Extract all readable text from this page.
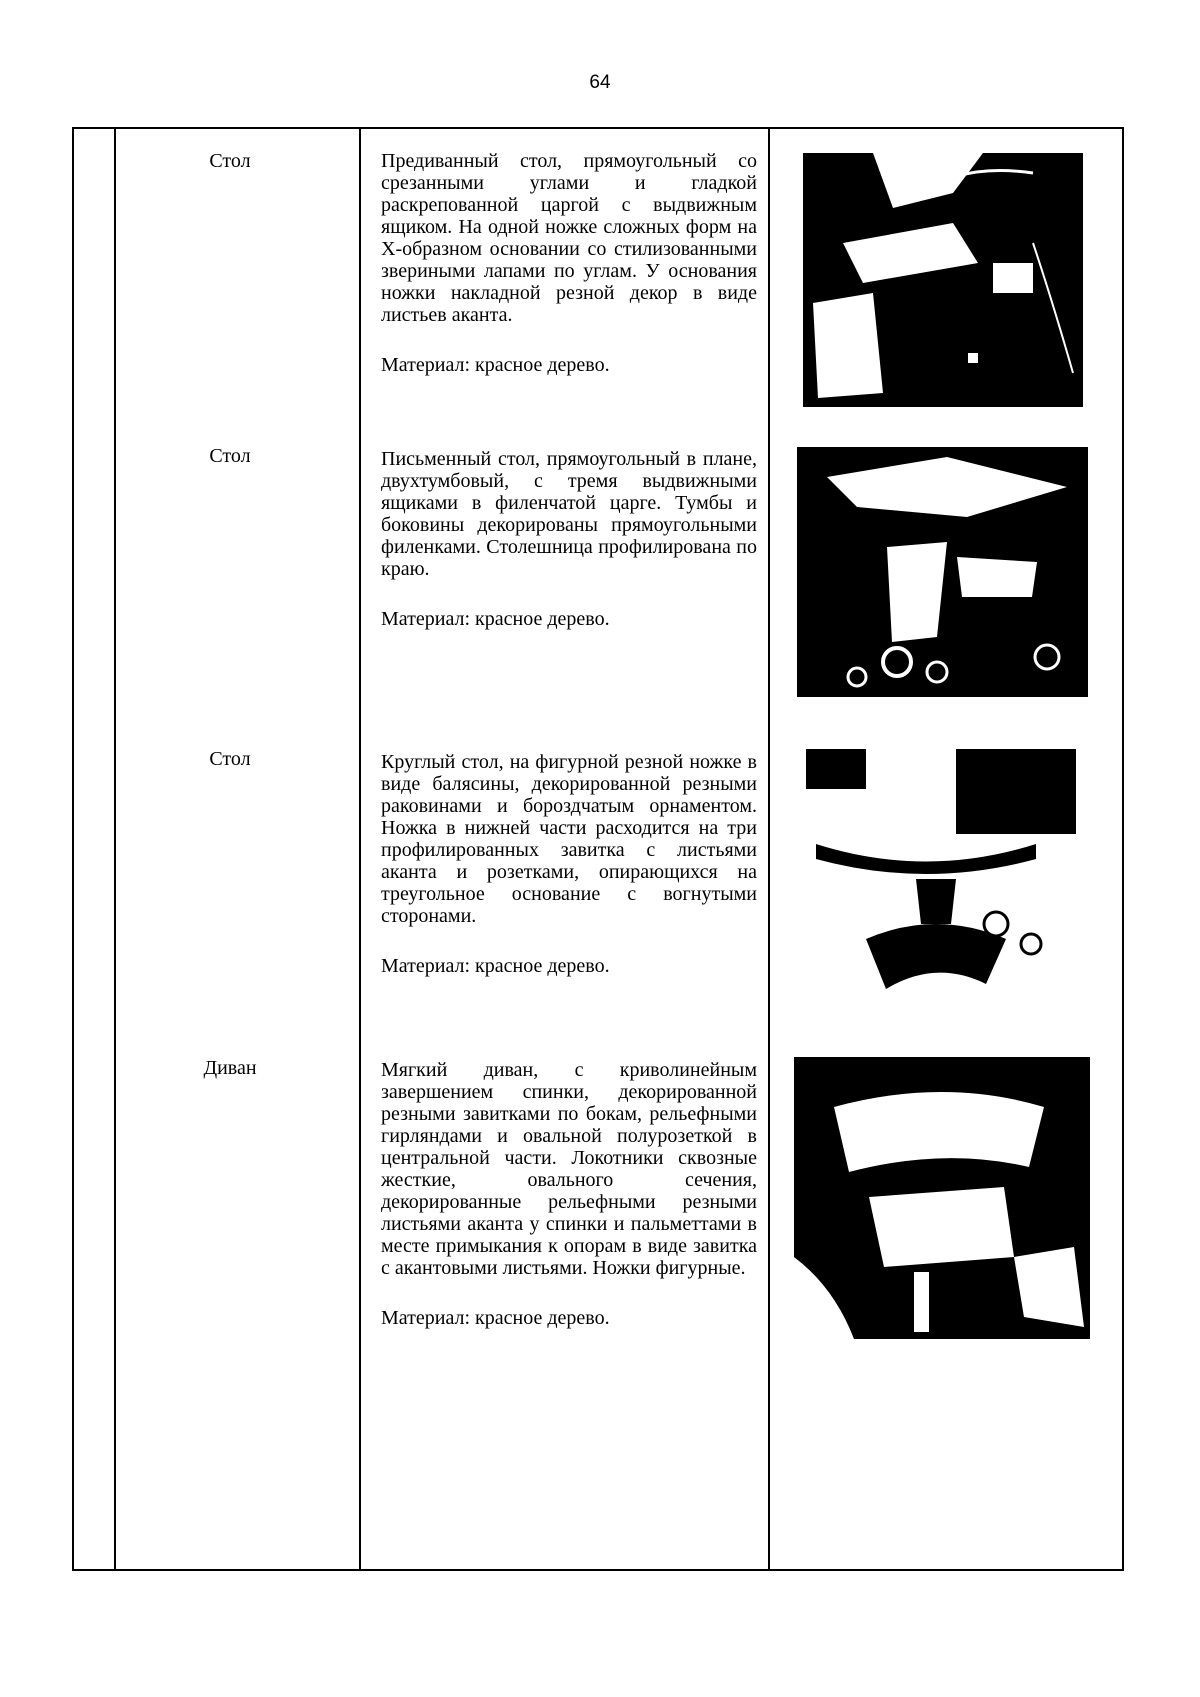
64
Стол	Предиванный стол, прямоугольный со срезанными углами и гладкой раскрепованной царгой с выдвижным ящиком. На одной ножке сложных форм на Х-образном основании со стилизованными звериными лапами по углам. У основания ножки накладной резной декор в виде листьев аканта.
Материал: красное дерево.
Стол	Письменный стол, прямоугольный в плане, двухтумбовый, с тремя выдвижными ящиками в филенчатой царге. Тумбы и боковины декорированы прямоугольными филенками. Столешница профилирована по краю.
Материал: красное дерево.
Стол	Круглый стол, на фигурной резной ножке в виде балясины, декорированной резными раковинами и бороздчатым орнаментом. Ножка в нижней части расходится на три профилированных завитка с листьями аканта и розетками, опирающихся на треугольное основание с вогнутыми сторонами.
Материал: красное дерево.
Диван	Мягкий диван, с криволинейным завершением спинки, декорированной резными завитками по бокам, рельефными гирляндами и овальной полурозеткой в центральной части. Локотники сквозные жесткие, овального сечения, декорированные рельефными резными листьями аканта у спинки и пальметтами в месте примыкания к опорам в виде завитка с акантовыми листьями. Ножки фигурные.
Материал: красное дерево.
